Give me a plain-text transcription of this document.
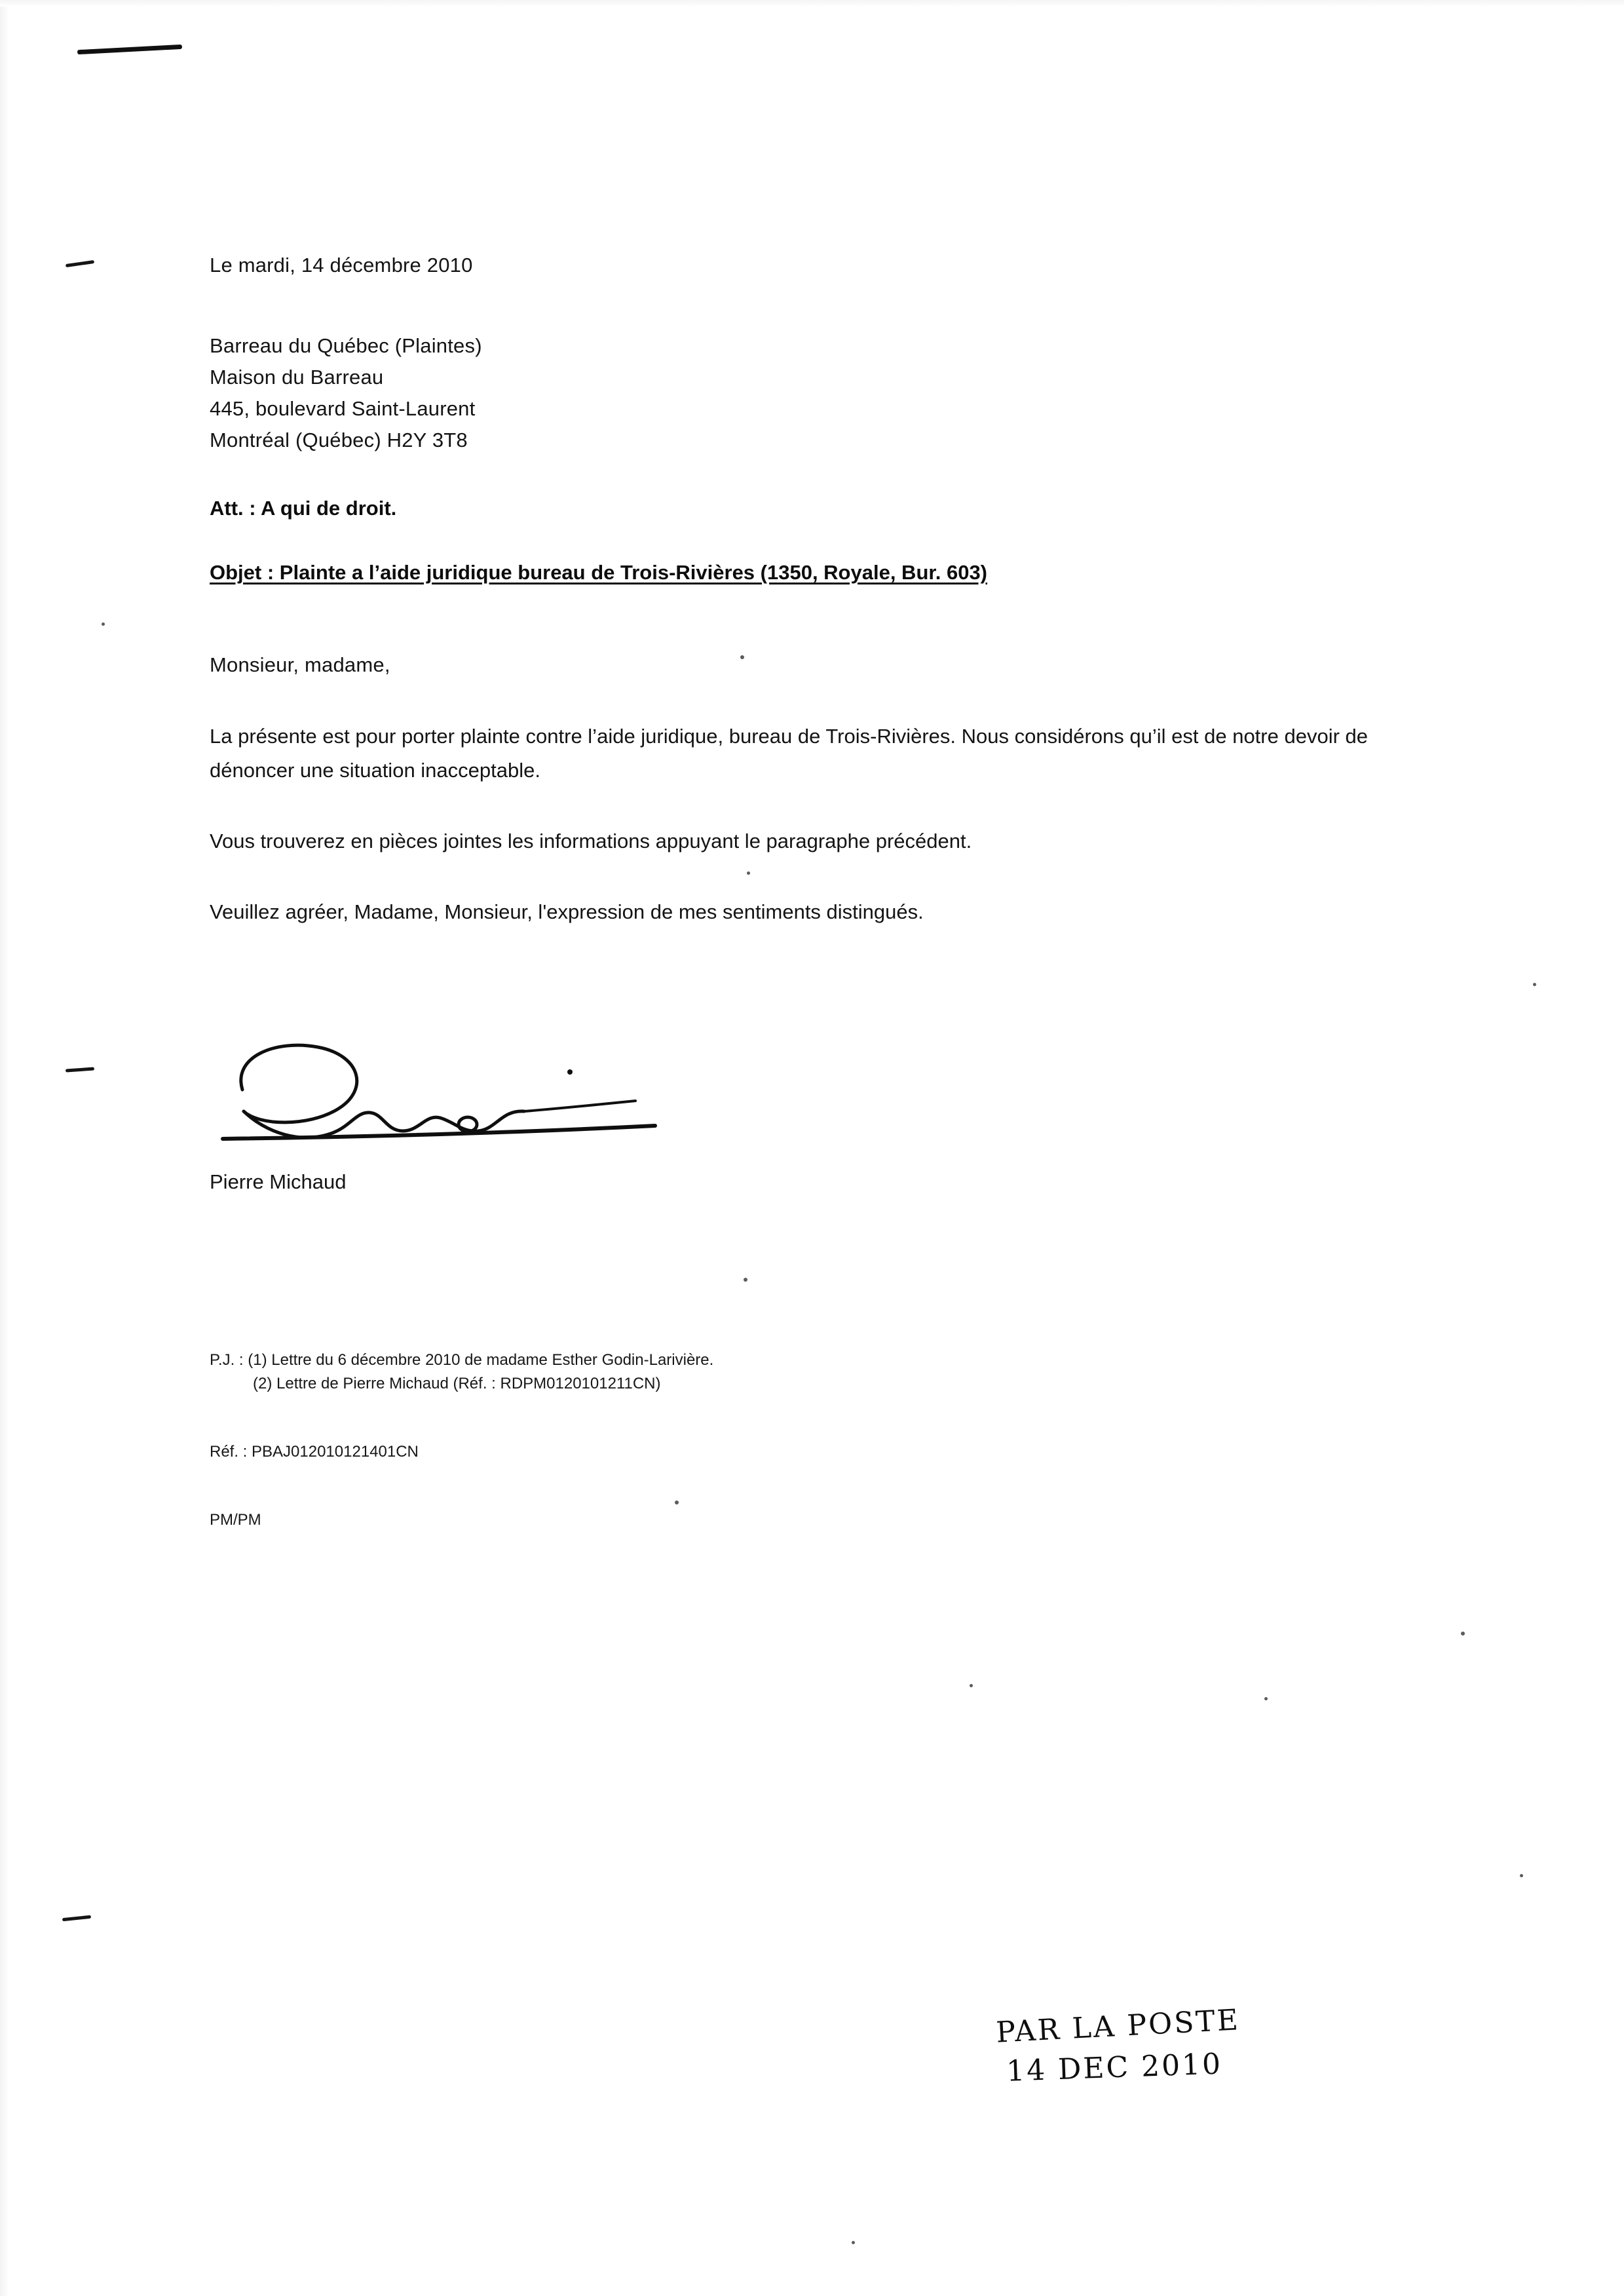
Le mardi, 14 décembre 2010
Barreau du Québec (Plaintes)
Maison du Barreau
445, boulevard Saint-Laurent
Montréal (Québec) H2Y 3T8
Att. : A qui de droit.
Objet : Plainte a l’aide juridique bureau de Trois-Rivières (1350, Royale, Bur. 603)
Monsieur, madame,
La présente est pour porter plainte contre l’aide juridique, bureau de Trois-Rivières. Nous considérons qu’il est de notre devoir de dénoncer une situation inacceptable.
Vous trouverez en pièces jointes les informations appuyant le paragraphe précédent.
Veuillez agréer, Madame, Monsieur, l'expression de mes sentiments distingués.
Pierre Michaud
P.J. : (1) Lettre du 6 décembre 2010 de madame Esther Godin-Larivière.
(2) Lettre de Pierre Michaud (Réf. : RDPM0120101211CN)
Réf. : PBAJ012010121401CN
PM/PM
PAR LA POSTE
14 DEC 2010
